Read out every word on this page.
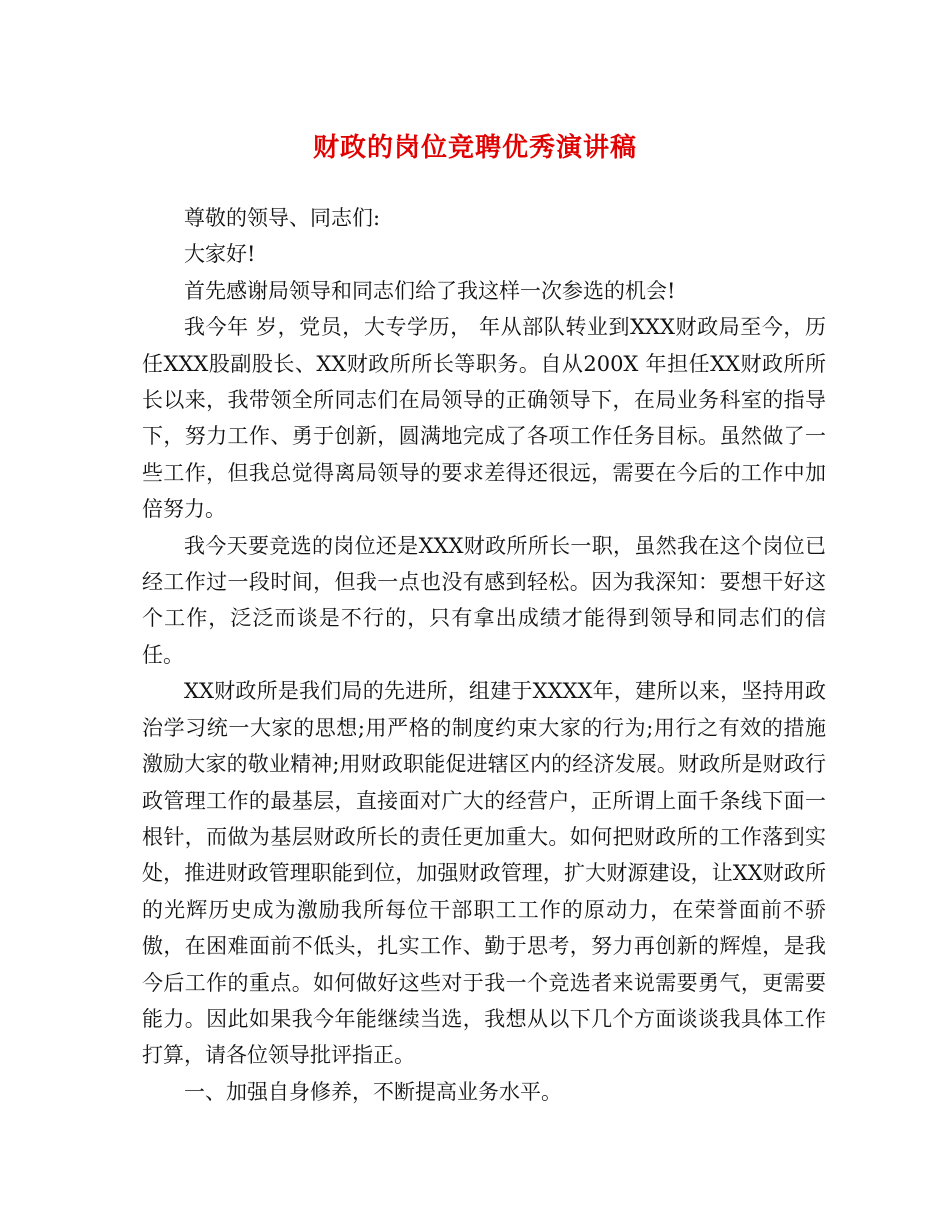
财政的岗位竞聘优秀演讲稿

尊敬的领导、同志们:

大家好!

首先感谢局领导和同志们给了我这样一次参选的机会!

我今年 岁，党员，大专学历， 年从部队转业到XXX财政局至今，历任XXX股副股长、XX财政所所长等职务。自从200X 年担任XX财政所所长以来，我带领全所同志们在局领导的正确领导下，在局业务科室的指导下，努力工作、勇于创新，圆满地完成了各项工作任务目标。虽然做了一些工作，但我总觉得离局领导的要求差得还很远，需要在今后的工作中加倍努力。

我今天要竞选的岗位还是XXX财政所所长一职，虽然我在这个岗位已经工作过一段时间，但我一点也没有感到轻松。因为我深知：要想干好这个工作，泛泛而谈是不行的，只有拿出成绩才能得到领导和同志们的信任。

XX财政所是我们局的先进所，组建于XXXX年，建所以来，坚持用政治学习统一大家的思想;用严格的制度约束大家的行为;用行之有效的措施激励大家的敬业精神;用财政职能促进辖区内的经济发展。财政所是财政行政管理工作的最基层，直接面对广大的经营户，正所谓上面千条线下面一根针，而做为基层财政所长的责任更加重大。如何把财政所的工作落到实处，推进财政管理职能到位，加强财政管理，扩大财源建设，让XX财政所的光辉历史成为激励我所每位干部职工工作的原动力，在荣誉面前不骄傲，在困难面前不低头，扎实工作、勤于思考，努力再创新的辉煌，是我今后工作的重点。如何做好这些对于我一个竞选者来说需要勇气，更需要能力。因此如果我今年能继续当选，我想从以下几个方面谈谈我具体工作打算，请各位领导批评指正。

一、加强自身修养，不断提高业务水平。
